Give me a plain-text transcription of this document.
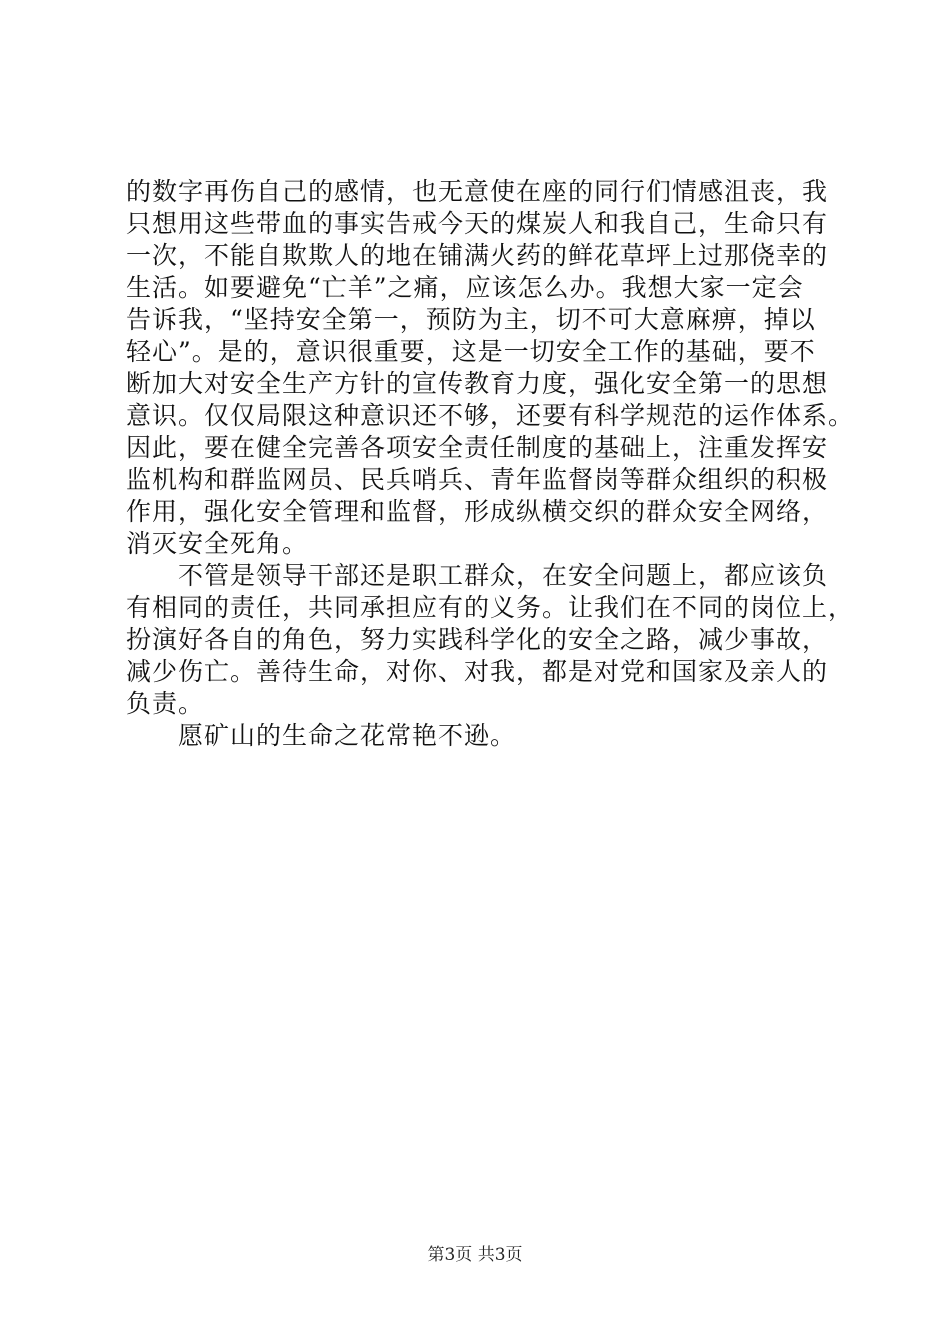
的数字再伤自己的感情，也无意使在座的同行们情感沮丧，我
只想用这些带血的事实告戒今天的煤炭人和我自己，生命只有
一次，不能自欺欺人的地在铺满火药的鲜花草坪上过那侥幸的
生活。如要避免“亡羊”之痛，应该怎么办。我想大家一定会
告诉我，“坚持安全第一，预防为主，切不可大意麻痹，掉以
轻心”。是的，意识很重要，这是一切安全工作的基础，要不
断加大对安全生产方针的宣传教育力度，强化安全第一的思想
意识。仅仅局限这种意识还不够，还要有科学规范的运作体系。
因此，要在健全完善各项安全责任制度的基础上，注重发挥安
监机构和群监网员、民兵哨兵、青年监督岗等群众组织的积极
作用，强化安全管理和监督，形成纵横交织的群众安全网络，
消灭安全死角。
　　不管是领导干部还是职工群众，在安全问题上，都应该负
有相同的责任，共同承担应有的义务。让我们在不同的岗位上，
扮演好各自的角色，努力实践科学化的安全之路，减少事故，
减少伤亡。善待生命，对你、对我，都是对党和国家及亲人的
负责。
　　愿矿山的生命之花常艳不逊。
第3页 共3页
